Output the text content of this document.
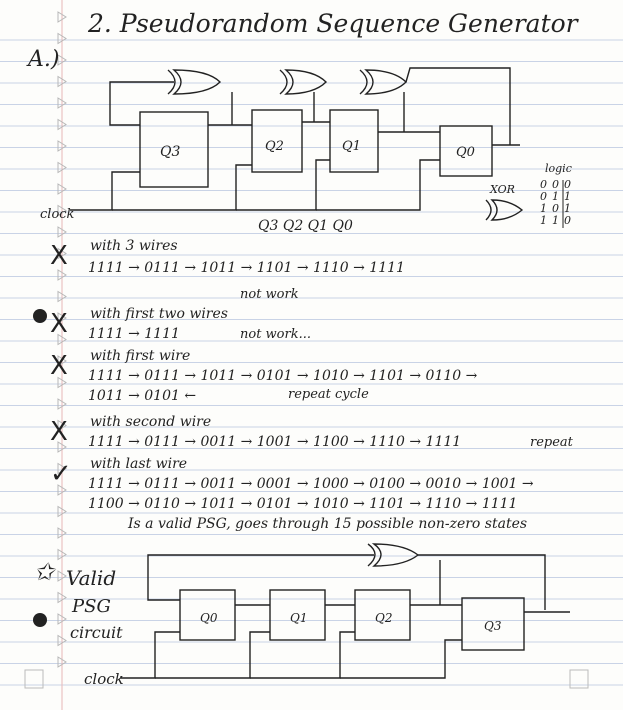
2. Pseudorandom Sequence Generator
A.)
Q3	Q2	Q1	Q0
clock
Q3 Q2 Q1 Q0
XOR
logic
0 0 0
0 1 1
1 0 1
1 1 0
X with 3 wires
1111 → 0111 → 1011 → 1101 → 1110 → 1111
not work
X with first two wires
1111 → 1111	not work...
X with first wire
1111 → 0111 → 1011 → 0101 → 1010 → 1101 → 0110 →
1011 → 0101 ←	repeat cycle
X with second wire
1111 → 0111 → 0011 → 1001 → 1100 → 1110 → 1111	repeat
✓ with last wire
1111 → 0111 → 0011 → 0001 → 1000 → 0100 → 0010 → 1001 →
1100 → 0110 → 1011 → 0101 → 1010 → 1101 → 1110 → 1111
Is a valid PSG, goes through 15 possible non-zero states
✩ Valid
PSG
circuit
Q0	Q1	Q2
Q3
clock
